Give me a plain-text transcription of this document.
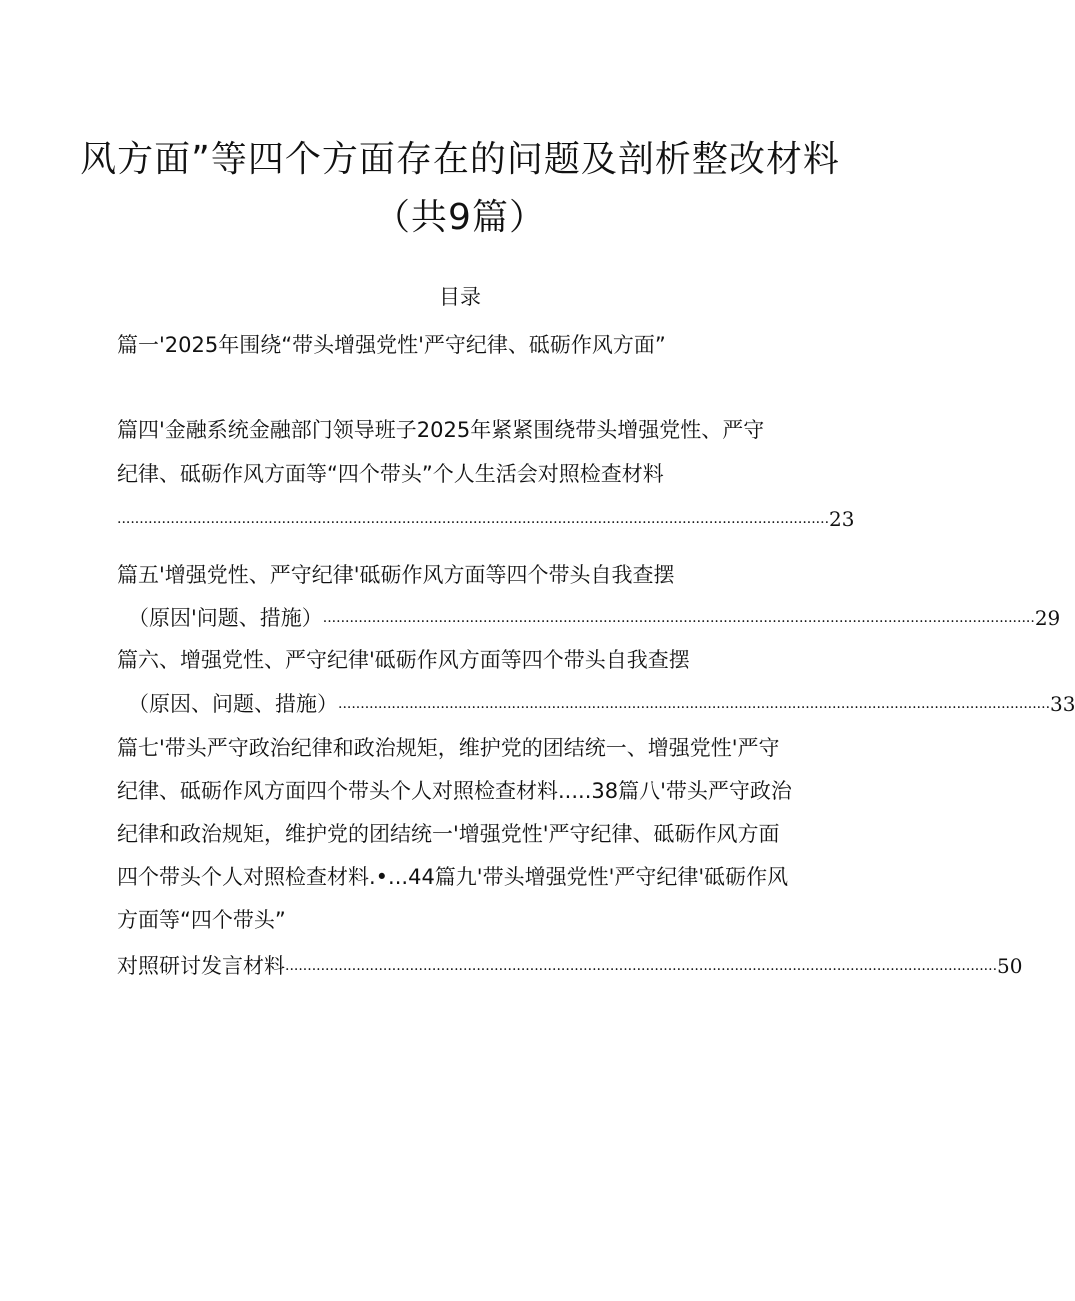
风方面”等四个方面存在的问题及剖析整改材料
（共9篇）
目录
篇一'2025年围绕“带头增强党性'严守纪律、砥砺作风方面”
篇四'金融系统金融部门领导班子2025年紧紧围绕带头增强党性、严守
纪律、砥砺作风方面等“四个带头”个人生活会对照检查材料
................................................................................................................................................................ 23
篇五'增强党性、严守纪律'砥砺作风方面等四个带头自我查摆
（原因'问题、措施） ................................................................................................................................................................ 29
篇六、增强党性、严守纪律'砥砺作风方面等四个带头自我查摆
（原因、问题、措施） ................................................................................................................................................................ 33
篇七'带头严守政治纪律和政治规矩，维护党的团结统一、增强党性'严守
纪律、砥砺作风方面四个带头个人对照检查材料.....38篇八'带头严守政治
纪律和政治规矩，维护党的团结统一'增强党性'严守纪律、砥砺作风方面
四个带头个人对照检查材料.•...44篇九'带头增强党性'严守纪律'砥砺作风
方面等“四个带头”
对照研讨发言材料 ................................................................................................................................................................ 50
